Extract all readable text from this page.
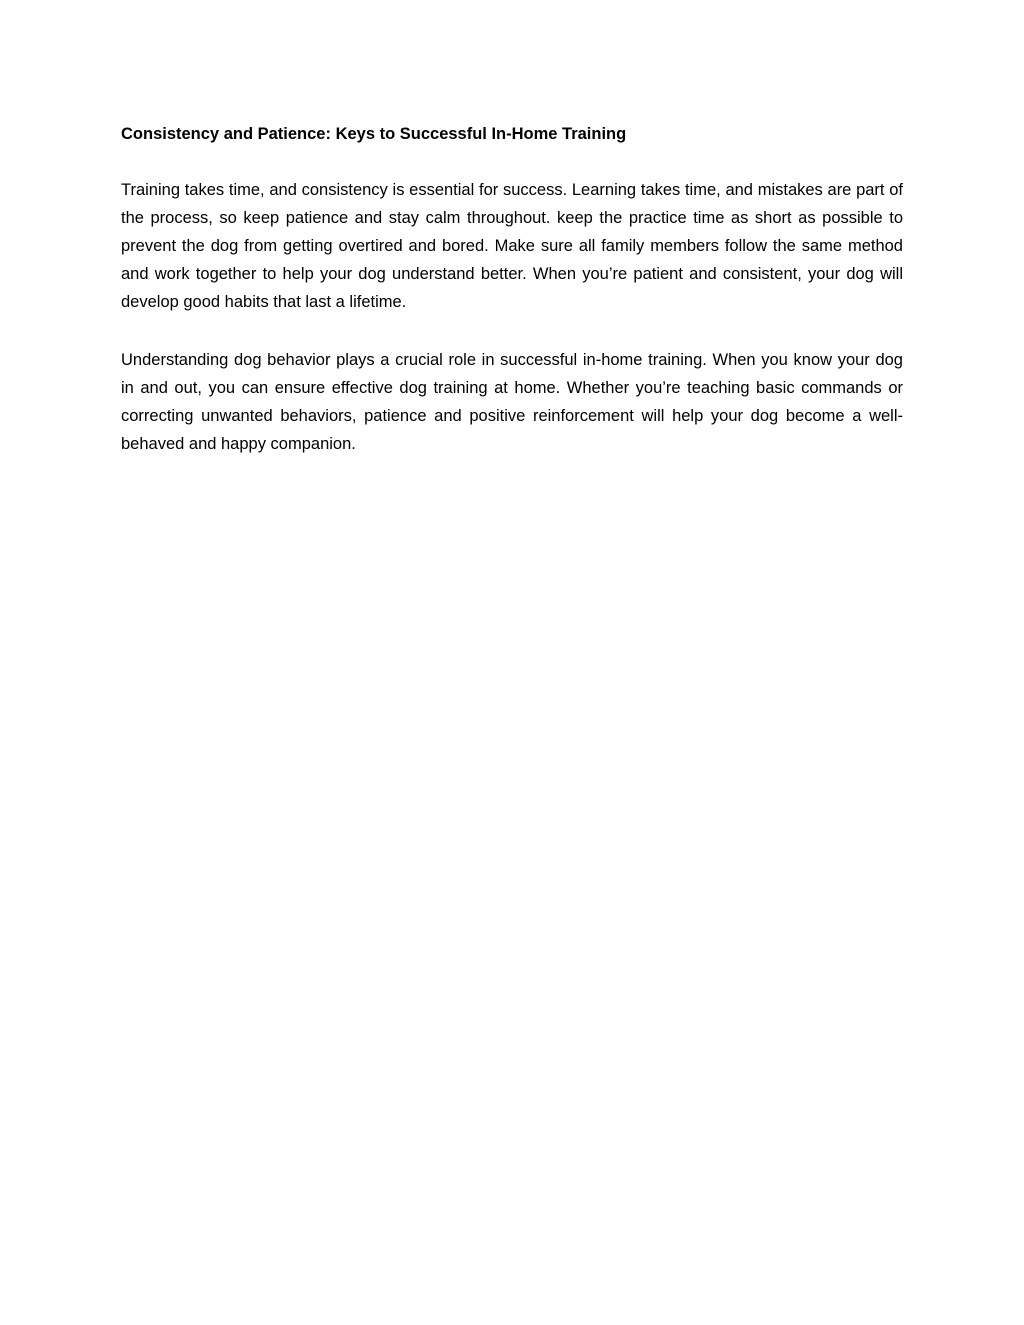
Consistency and Patience: Keys to Successful In-Home Training

Training takes time, and consistency is essential for success. Learning takes time, and mistakes are part of the process, so keep patience and stay calm throughout. keep the practice time as short as possible to prevent the dog from getting overtired and bored. Make sure all family members follow the same method and work together to help your dog understand better. When you’re patient and consistent, your dog will develop good habits that last a lifetime.

Understanding dog behavior plays a crucial role in successful in-home training. When you know your dog in and out, you can ensure effective dog training at home. Whether you’re teaching basic commands or correcting unwanted behaviors, patience and positive reinforcement will help your dog become a well-behaved and happy companion.
